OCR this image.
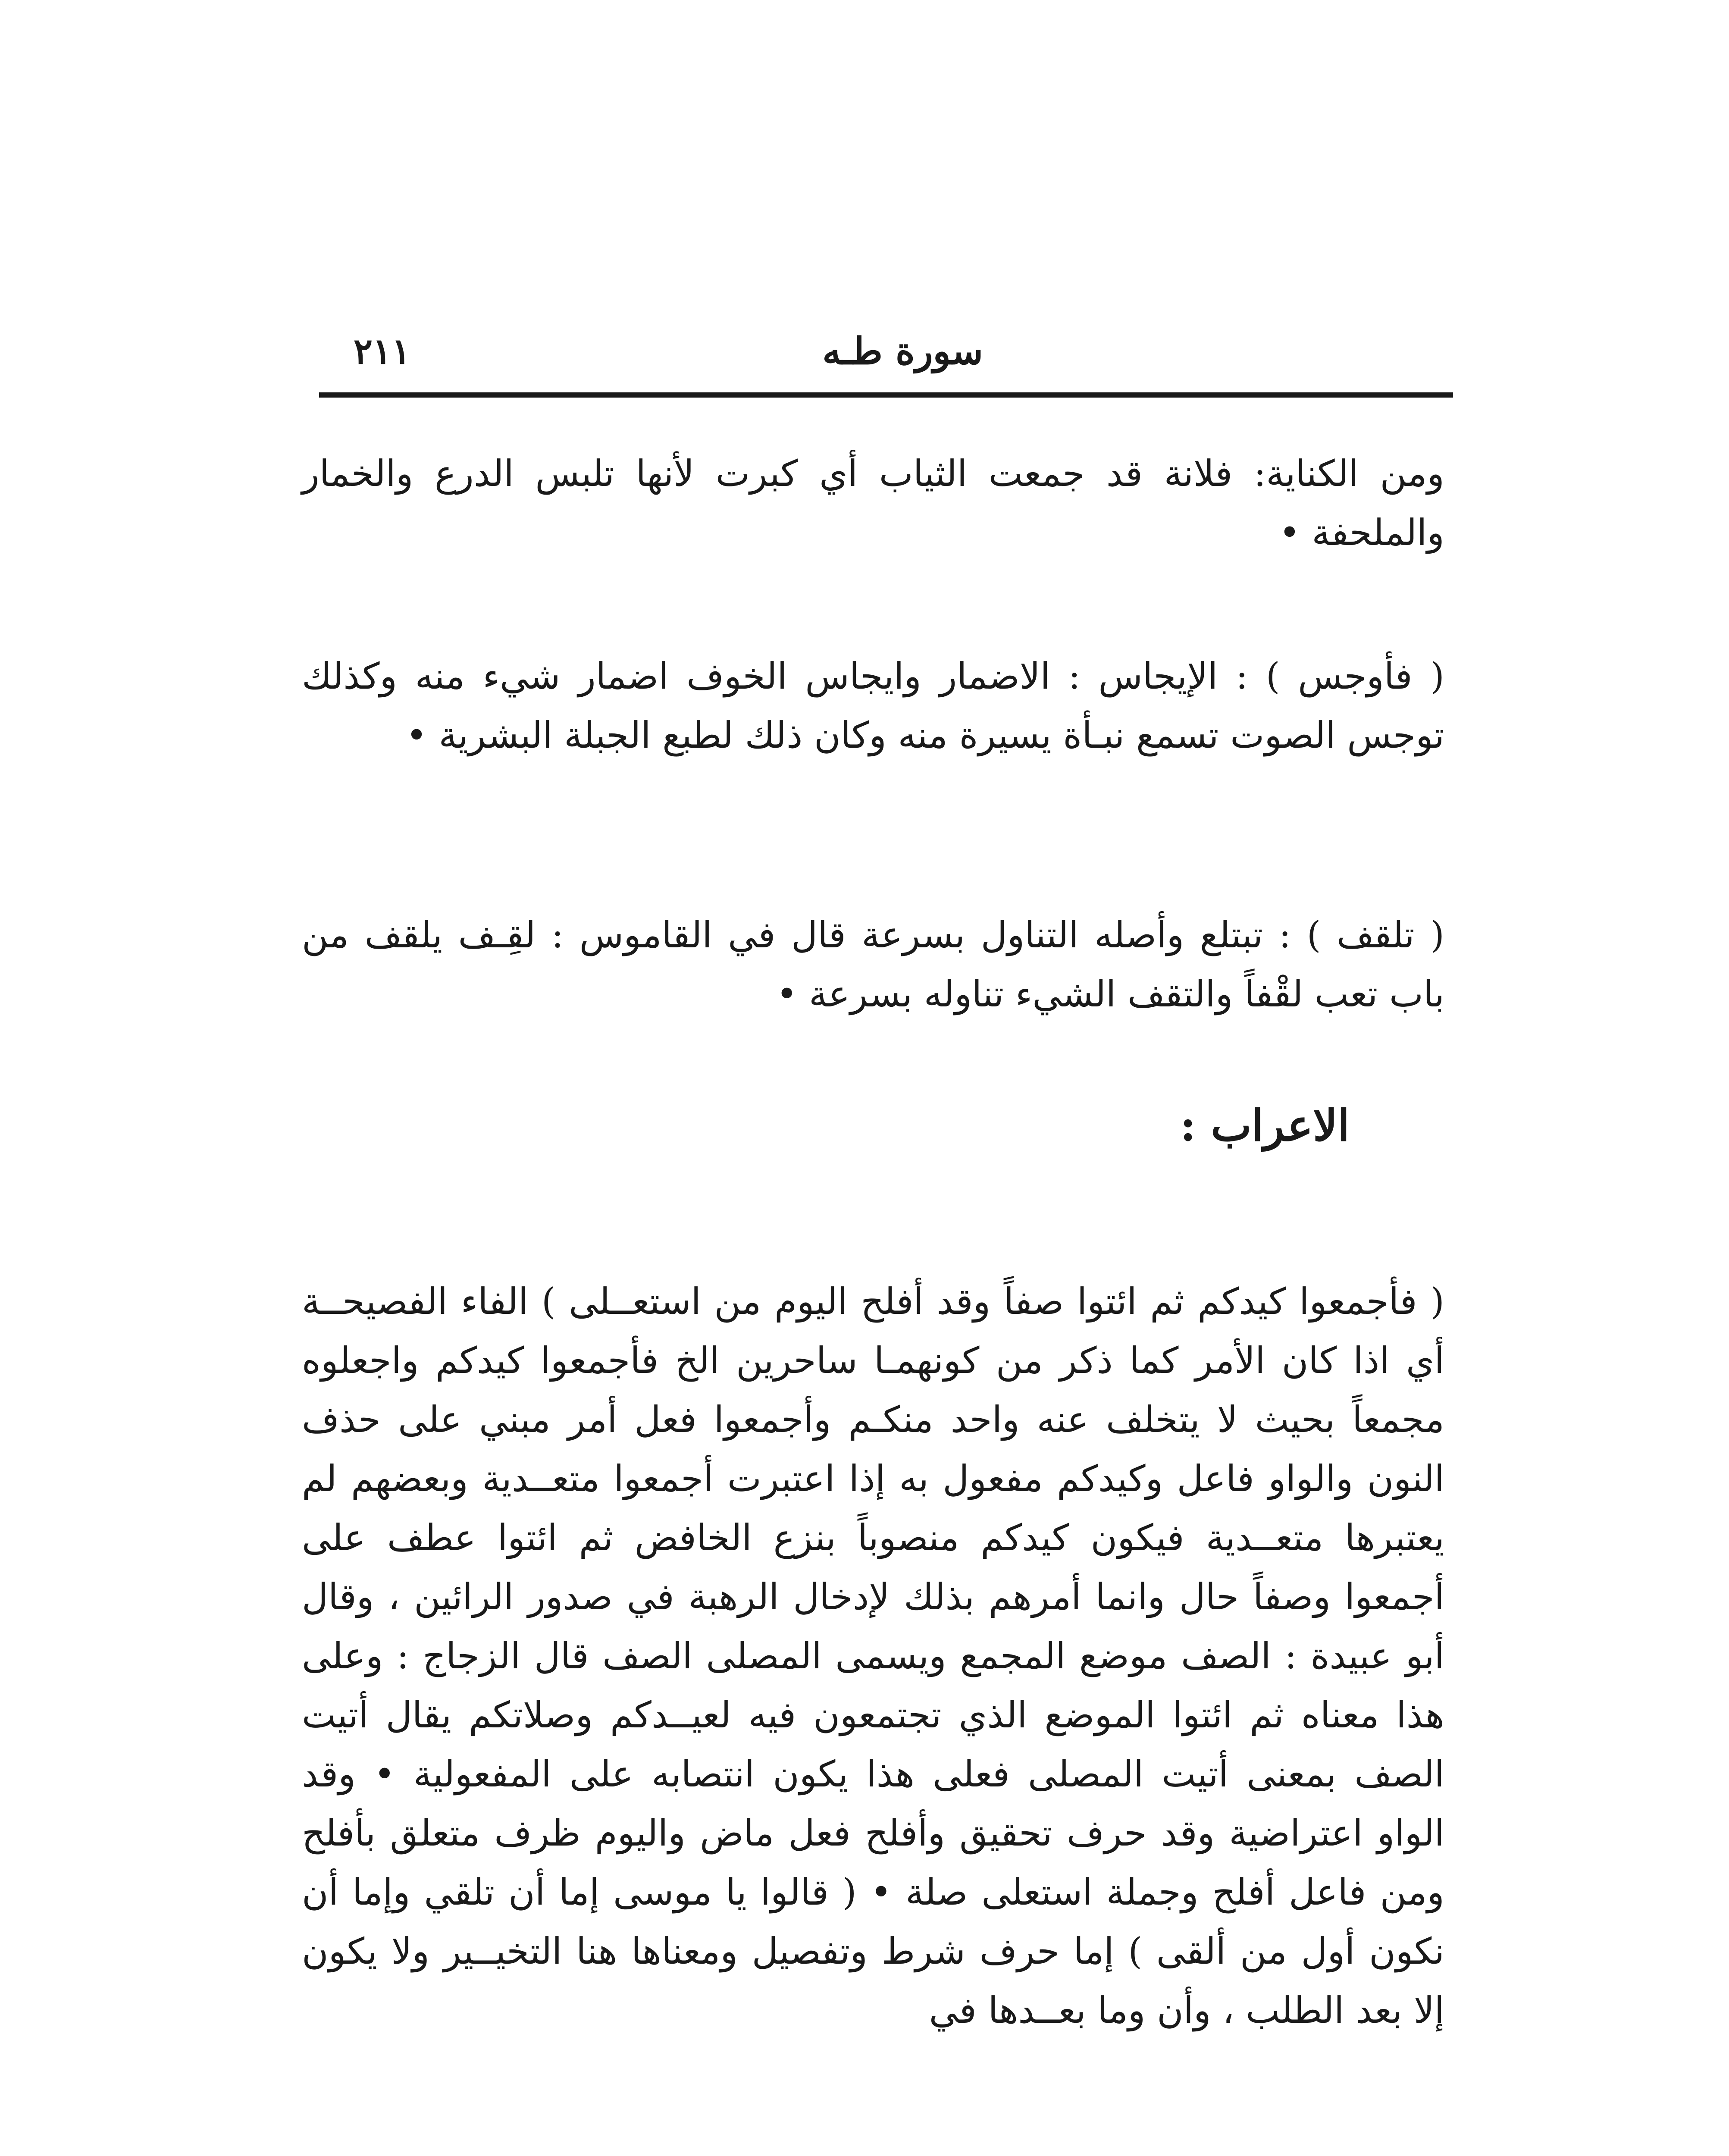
سورة طـه
٢١١

ومن الكناية: فلانة قد جمعت الثياب أي كبرت لأنها تلبس الدرع والخمار والملحفة •

( فأوجس ) : الإيجاس : الاضمار وايجاس الخوف اضمار شيء منه وكذلك توجس الصوت تسمع نبـأة يسيرة منه وكان ذلك لطبع الجبلة البشرية •

( تلقف ) : تبتلع وأصله التناول بسرعة قال في القاموس : لقِـف يلقف من باب تعب لقْفاً والتقف الشيء تناوله بسرعة •

الاعراب :

( فأجمعوا كيدكم ثم ائتوا صفاً وقد أفلح اليوم من استعــلى ) الفاء الفصيحــة أي اذا كان الأمر كما ذكر من كونهمـا ساحرين الخ فأجمعوا كيدكم واجعلوه مجمعاً بحيث لا يتخلف عنه واحد منكـم وأجمعوا فعل أمر مبني على حذف النون والواو فاعل وكيدكم مفعول به إذا اعتبرت أجمعوا متعــدية وبعضهم لم يعتبرها متعــدية فيكون كيدكم منصوباً بنزع الخافض ثم ائتوا عطف على أجمعوا وصفاً حال وانما أمرهم بذلك لإدخال الرهبة في صدور الرائين ، وقال أبو عبيدة : الصف موضع المجمع ويسمى المصلى الصف قال الزجاج : وعلى هذا معناه ثم ائتوا الموضع الذي تجتمعون فيه لعيــدكم وصلاتكم يقال أتيت الصف بمعنى أتيت المصلى فعلى هذا يكون انتصابه على المفعولية • وقد الواو اعتراضية وقد حرف تحقيق وأفلح فعل ماض واليوم ظرف متعلق بأفلح ومن فاعل أفلح وجملة استعلى صلة • ( قالوا يا موسى إما أن تلقي وإما أن نكون أول من ألقى ) إما حرف شرط وتفصيل ومعناها هنا التخيــير ولا يكون إلا بعد الطلب ، وأن وما بعــدها في
